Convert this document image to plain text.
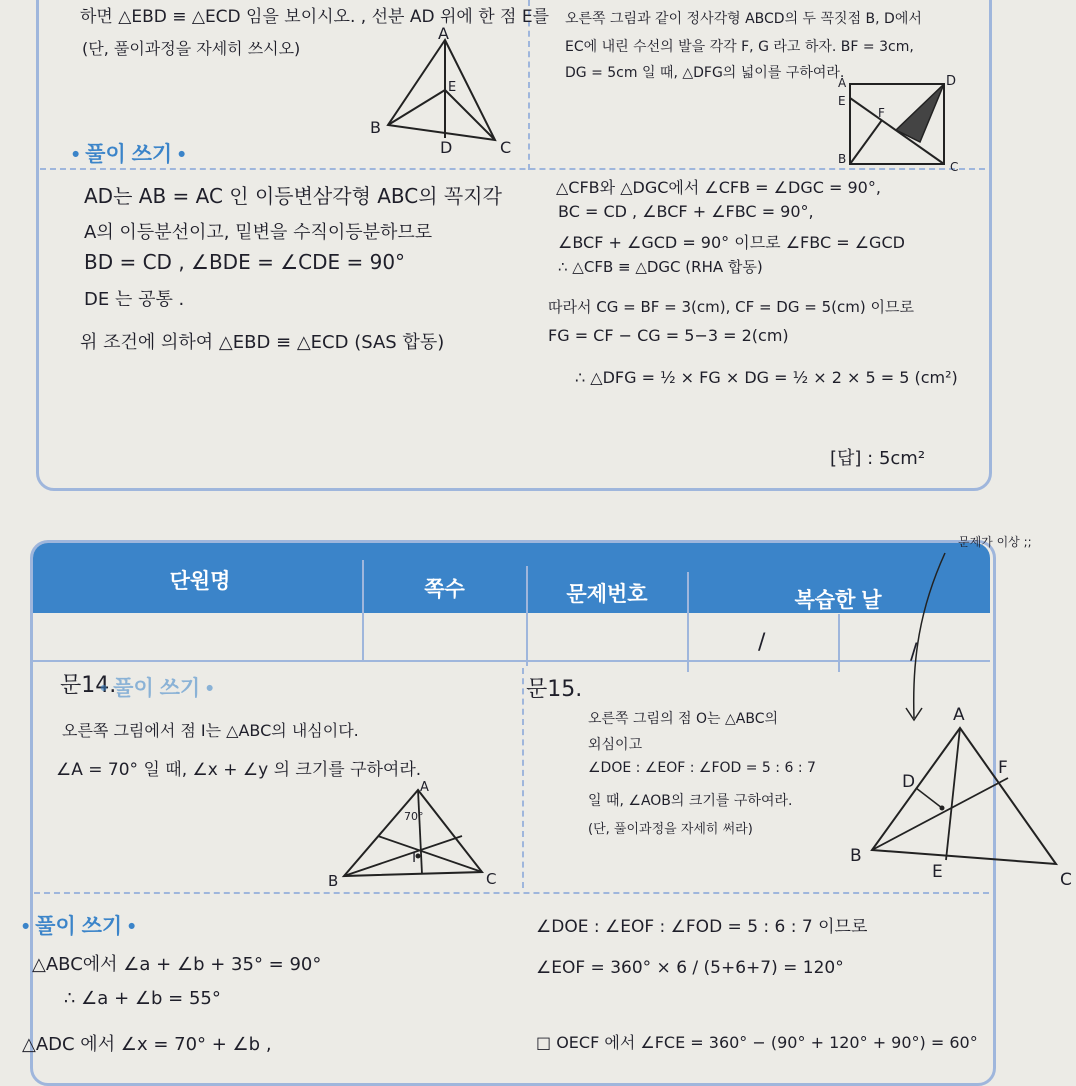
하면 △EBD ≡ △ECD 임을 보이시오. , 선분 AD 위에 한 점 E를
(단, 풀이과정을 자세히 쓰시오)
A
B
C
D
E
• 풀이 쓰기 •
AD는 AB = AC 인 이등변삼각형 ABC의 꼭지각
A의 이등분선이고, 밑변을 수직이등분하므로
BD = CD , ∠BDE = ∠CDE = 90°
DE 는 공통 .
위 조건에 의하여 △EBD ≡ △ECD (SAS 합동)
오른쪽 그림과 같이 정사각형 ABCD의 두 꼭짓점 B, D에서
EC에 내린 수선의 발을 각각 F, G 라고 하자. BF = 3cm,
DG = 5cm 일 때, △DFG의 넓이를 구하여라.
A	D
E
F
B
C
△CFB와 △DGC에서 ∠CFB = ∠DGC = 90°,
BC = CD , ∠BCF + ∠FBC = 90°,
∠BCF + ∠GCD = 90° 이므로 ∠FBC = ∠GCD
∴ △CFB ≡ △DGC (RHA 합동)
따라서 CG = BF = 3(cm), CF = DG = 5(cm) 이므로
FG = CF − CG = 5−3 = 2(cm)
∴ △DFG = ½ × FG × DG = ½ × 2 × 5 = 5 (cm²)
[답] : 5cm²
단원명	쪽수	문제번호	복습한 날
/	/
문제가 이상 ;;
문14.
• 풀이 쓰기 •
오른쪽 그림에서 점 I는 △ABC의 내심이다.
∠A = 70° 일 때, ∠x + ∠y 의 크기를 구하여라.
A
70°
I
B	C
• 풀이 쓰기 •
△ABC에서 ∠a + ∠b + 35° = 90°
∴ ∠a + ∠b = 55°
△ADC 에서 ∠x = 70° + ∠b ,
문15.
오른쪽 그림의 점 O는 △ABC의
외심이고
∠DOE : ∠EOF : ∠FOD = 5 : 6 : 7
일 때, ∠AOB의 크기를 구하여라.
(단, 풀이과정을 자세히 써라)
A
D
F
B
E	C
∠DOE : ∠EOF : ∠FOD = 5 : 6 : 7 이므로
∠EOF = 360° × 6 / (5+6+7) = 120°
□ OECF 에서 ∠FCE = 360° − (90° + 120° + 90°) = 60°
